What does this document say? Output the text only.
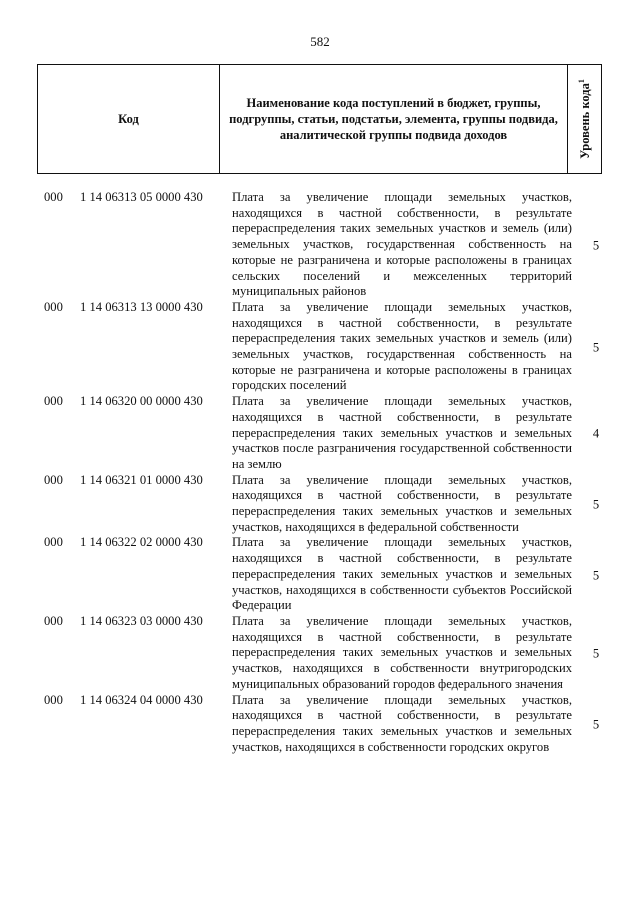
582
Код
Наименование кода поступлений в бюджет, группы, подгруппы, статьи, подстатьи, элемента, группы подвида, аналитической группы подвида доходов	Уровень кода$^1$
000 1 14 06313 05 0000 430 Плата за увеличение площади земельных участков, находящихся в частной собственности, в результате перераспределения таких земельных участков и земель (или) земельных участков, государственная собственность на которые не разграничена и которые расположены в границах сельских поселений и межселенных территорий муниципальных районов
5
000 1 14 06313 13 0000 430 Плата за увеличение площади земельных участков, находящихся в частной собственности, в результате перераспределения таких земельных участков и земель (или) земельных участков, государственная собственность на которые не разграничена и которые расположены в границах городских поселений
5
000 1 14 06320 00 0000 430 Плата за увеличение площади земельных участков, находящихся в частной собственности, в результате перераспределения таких земельных участков и земельных участков после разграничения государственной собственности на землю
4
000 1 14 06321 01 0000 430 Плата за увеличение площади земельных участков, находящихся в частной собственности, в результате перераспределения таких земельных участков и земельных участков, находящихся в федеральной собственности
5
000 1 14 06322 02 0000 430 Плата за увеличение площади земельных участков, находящихся в частной собственности, в результате перераспределения таких земельных участков и земельных участков, находящихся в собственности субъектов Российской Федерации
5
000 1 14 06323 03 0000 430 Плата за увеличение площади земельных участков, находящихся в частной собственности, в результате перераспределения таких земельных участков и земельных участков, находящихся в собственности внутригородских муниципальных образований городов федерального значения
5
000 1 14 06324 04 0000 430 Плата за увеличение площади земельных участков, находящихся в частной собственности, в результате перераспределения таких земельных участков и земельных участков, находящихся в собственности городских округов
5
